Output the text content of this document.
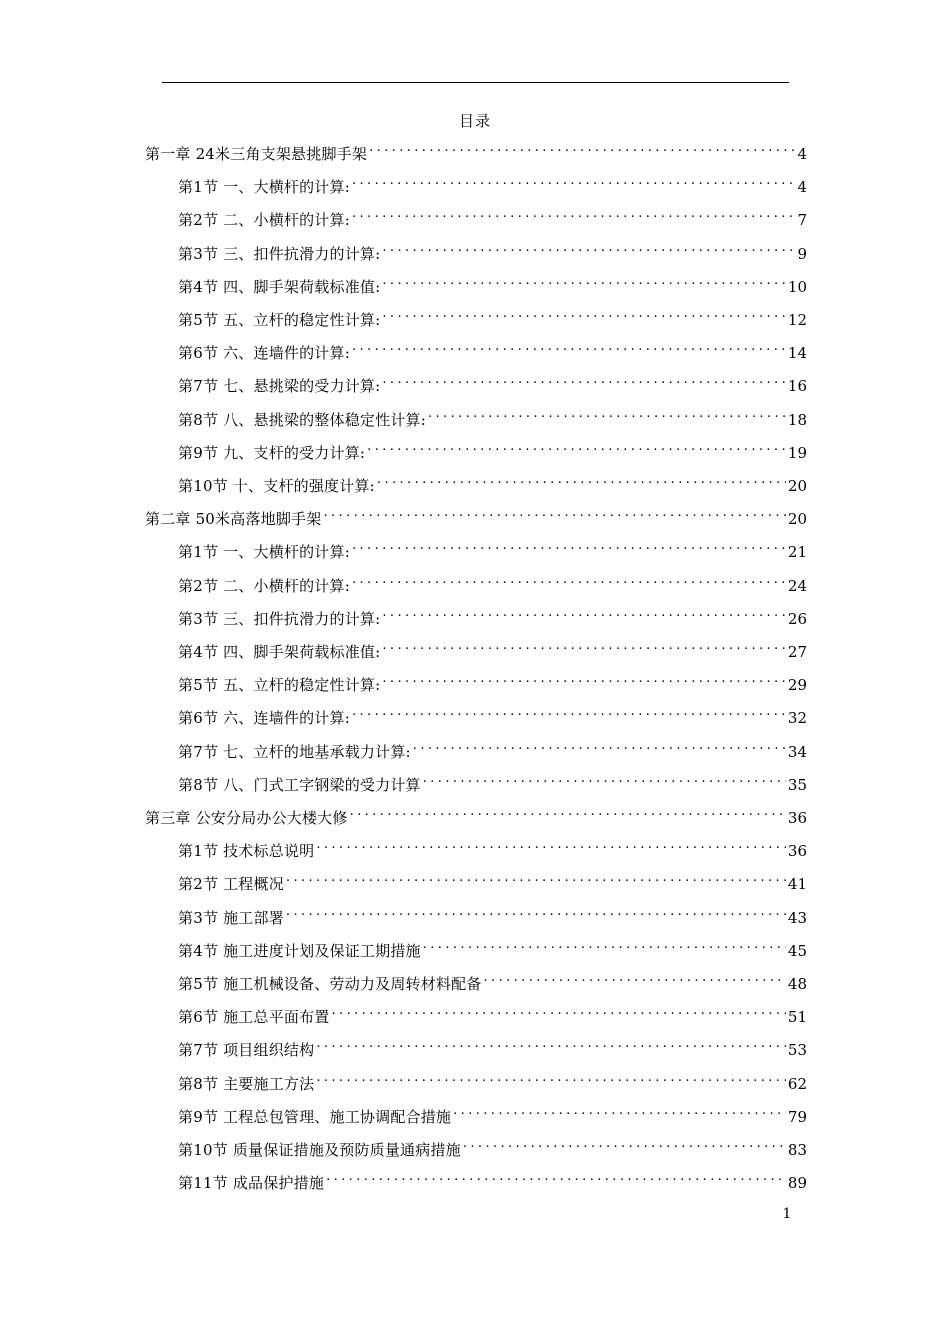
目录
第一章 24米三角支架悬挑脚手架 .....	4
第1节 一、大横杆的计算: .....	4
第2节 二、小横杆的计算: .....	7
第3节 三、扣件抗滑力的计算: .....	9
第4节 四、脚手架荷载标准值: .....	10
第5节 五、立杆的稳定性计算: .....	12
第6节 六、连墙件的计算: .....	14
第7节 七、悬挑梁的受力计算: .....	16
第8节 八、悬挑梁的整体稳定性计算: .....	18
第9节 九、支杆的受力计算: .....	19
第10节 十、支杆的强度计算: .....	20
第二章 50米高落地脚手架 .....	20
第1节 一、大横杆的计算: .....	21
第2节 二、小横杆的计算: .....	24
第3节 三、扣件抗滑力的计算: .....	26
第4节 四、脚手架荷载标准值: .....	27
第5节 五、立杆的稳定性计算: .....	29
第6节 六、连墙件的计算: .....	32
第7节 七、立杆的地基承载力计算: .....	34
第8节 八、门式工字钢梁的受力计算 .....	35
第三章 公安分局办公大楼大修 .....	36
第1节 技术标总说明 .....	36
第2节 工程概况 .....	41
第3节 施工部署 .....	43
第4节 施工进度计划及保证工期措施 .....	45
第5节 施工机械设备、劳动力及周转材料配备 .....	48
第6节 施工总平面布置 .....	51
第7节 项目组织结构 .....	53
第8节 主要施工方法 .....	62
第9节 工程总包管理、施工协调配合措施 .....	79
第10节 质量保证措施及预防质量通病措施 .....	83
第11节 成品保护措施 .....	89
1
